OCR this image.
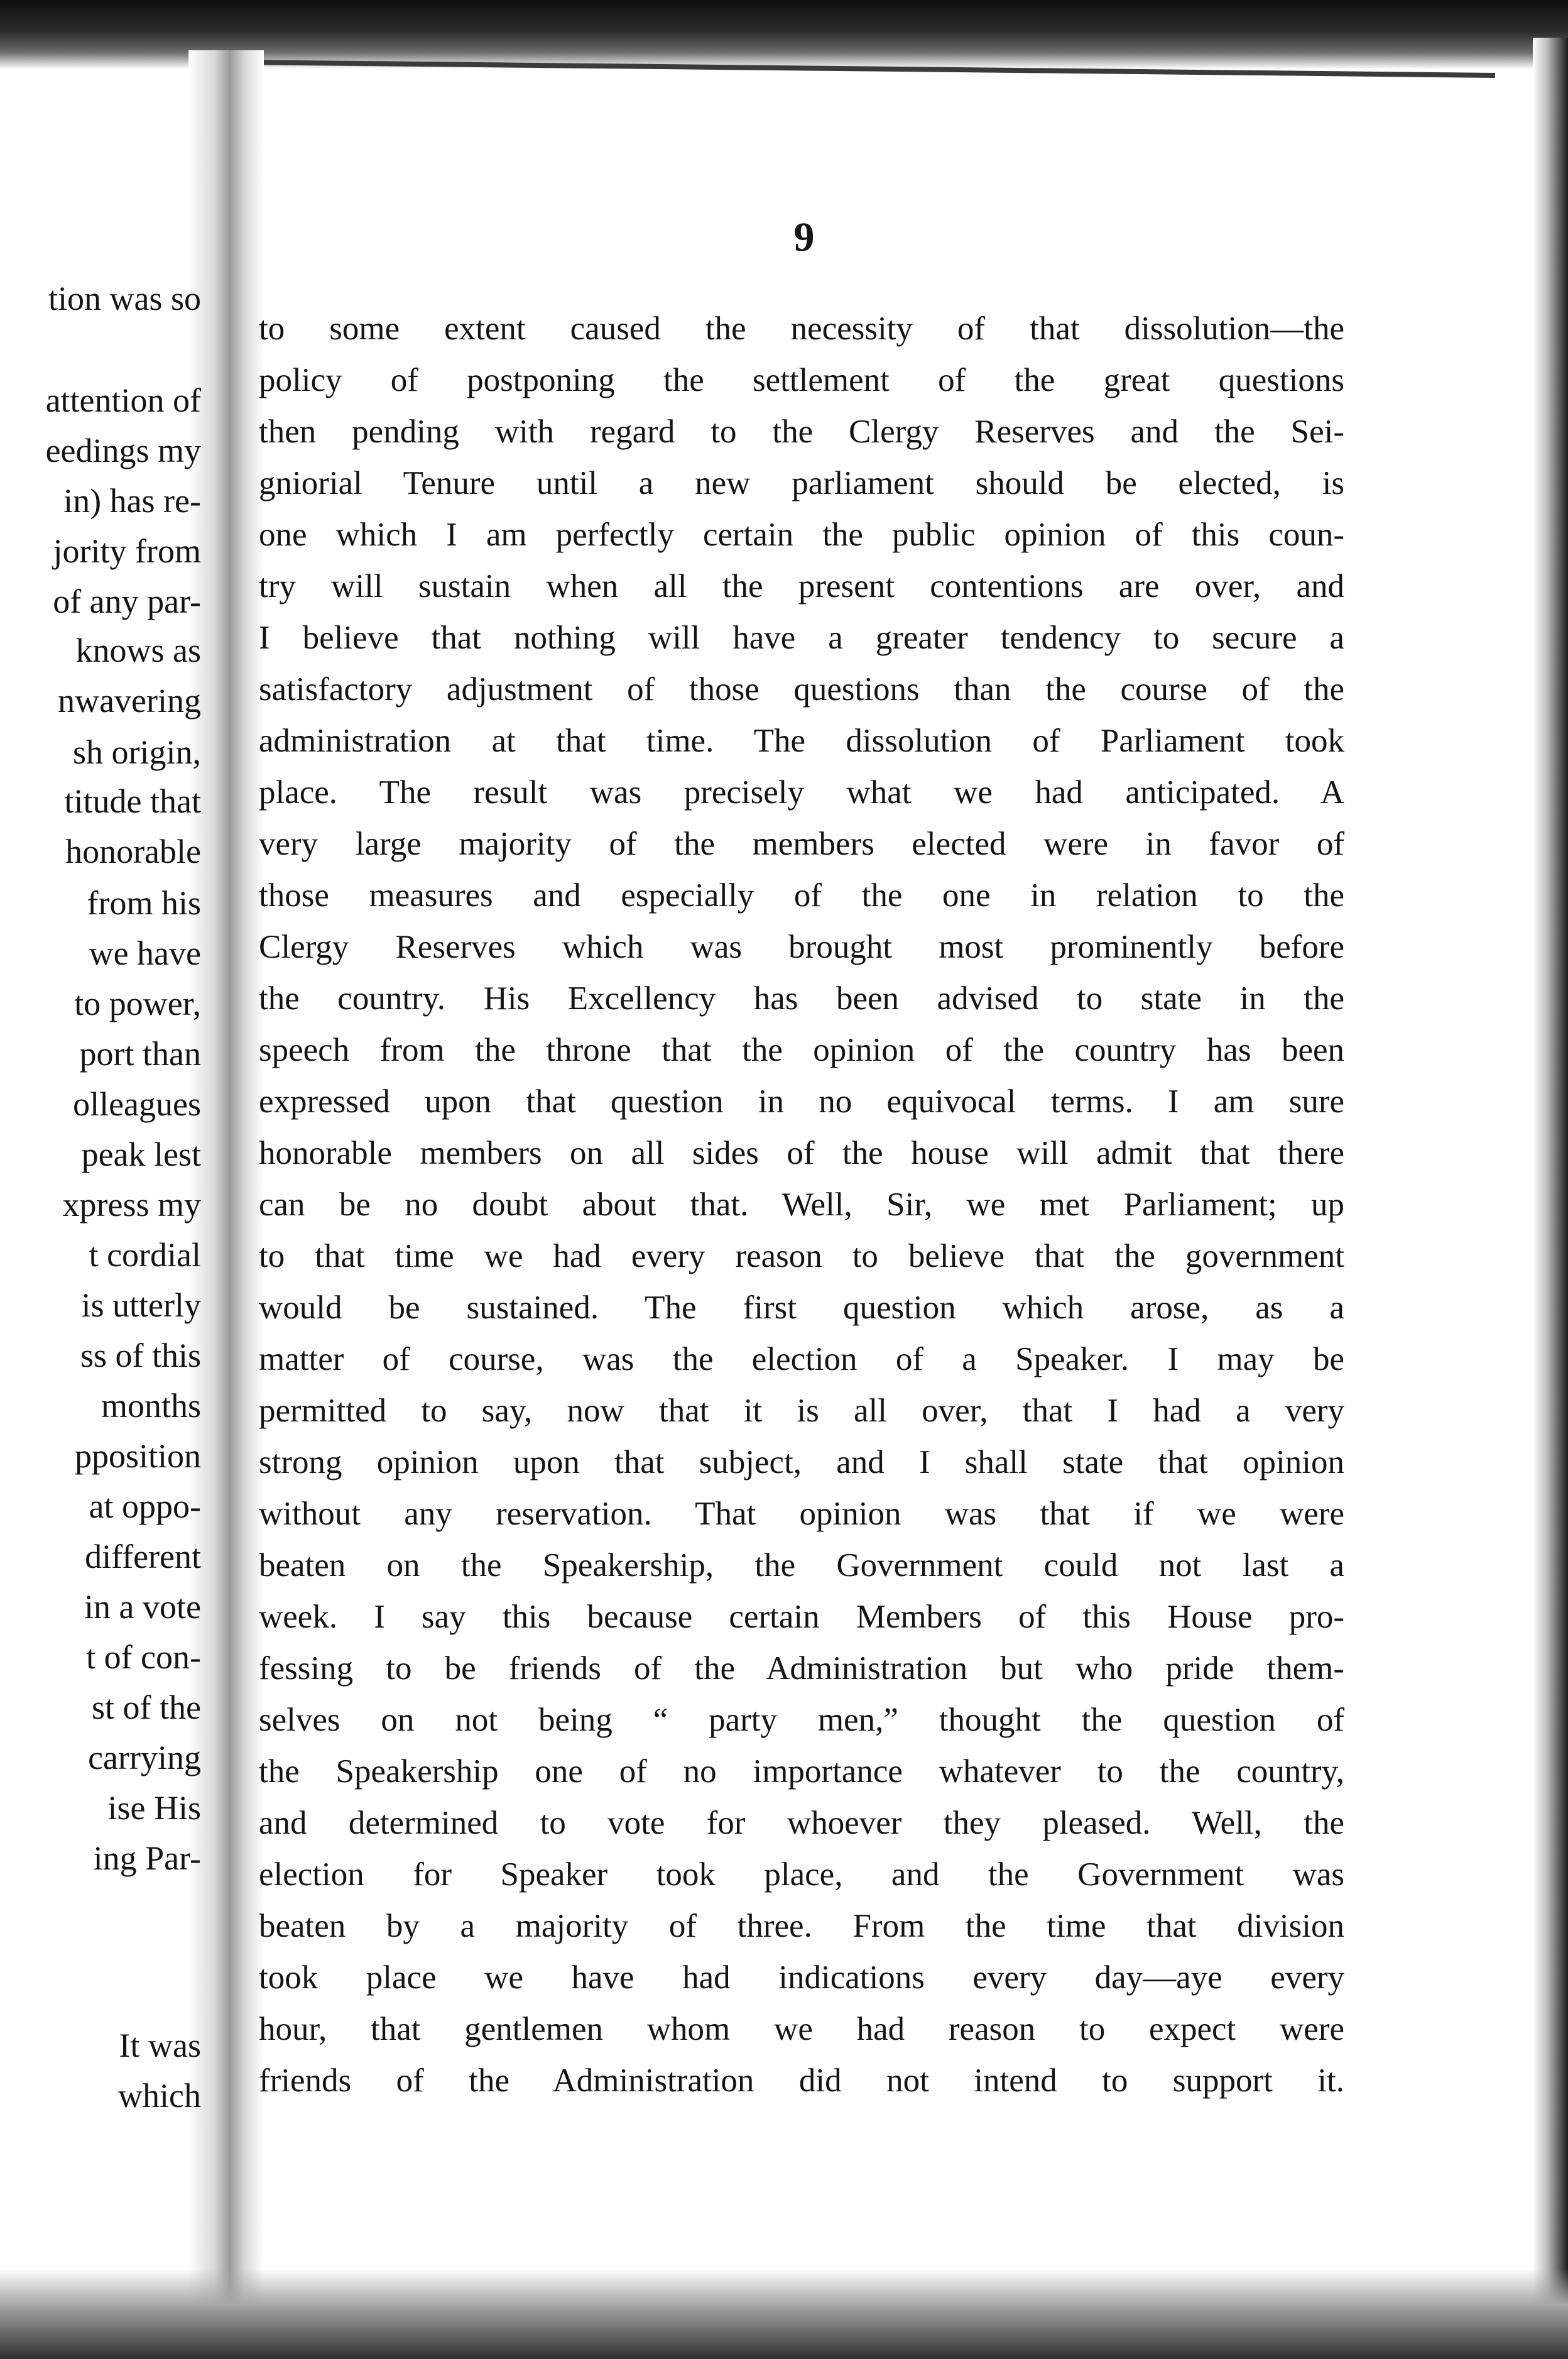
9
tion was so
attention of
eedings my
in) has re-
jority from
of any par-
knows as
nwavering
sh origin,
titude that
honorable
from his
we have
to power,
port than
olleagues
peak lest
xpress my
t cordial
is utterly
ss of this
months
pposition
at oppo-
different
in a vote
t of con-
st of the
carrying
ise His
ing Par-
It was
which
to some extent caused the necessity of that dissolution—the
policy of postponing the settlement of the great questions
then pending with regard to the Clergy Reserves and the Sei-
gniorial Tenure until a new parliament should be elected, is
one which I am perfectly certain the public opinion of this coun-
try will sustain when all the present contentions are over, and
I believe that nothing will have a greater tendency to secure a
satisfactory adjustment of those questions than the course of the
administration at that time. The dissolution of Parliament took
place. The result was precisely what we had anticipated. A
very large majority of the members elected were in favor of
those measures and especially of the one in relation to the
Clergy Reserves which was brought most prominently before
the country. His Excellency has been advised to state in the
speech from the throne that the opinion of the country has been
expressed upon that question in no equivocal terms. I am sure
honorable members on all sides of the house will admit that there
can be no doubt about that. Well, Sir, we met Parliament; up
to that time we had every reason to believe that the government
would be sustained. The first question which arose, as a
matter of course, was the election of a Speaker. I may be
permitted to say, now that it is all over, that I had a very
strong opinion upon that subject, and I shall state that opinion
without any reservation. That opinion was that if we were
beaten on the Speakership, the Government could not last a
week. I say this because certain Members of this House pro-
fessing to be friends of the Administration but who pride them-
selves on not being “ party men,” thought the question of
the Speakership one of no importance whatever to the country,
and determined to vote for whoever they pleased. Well, the
election for Speaker took place, and the Government was
beaten by a majority of three. From the time that division
took place we have had indications every day—aye every
hour, that gentlemen whom we had reason to expect were
friends of the Administration did not intend to support it.
